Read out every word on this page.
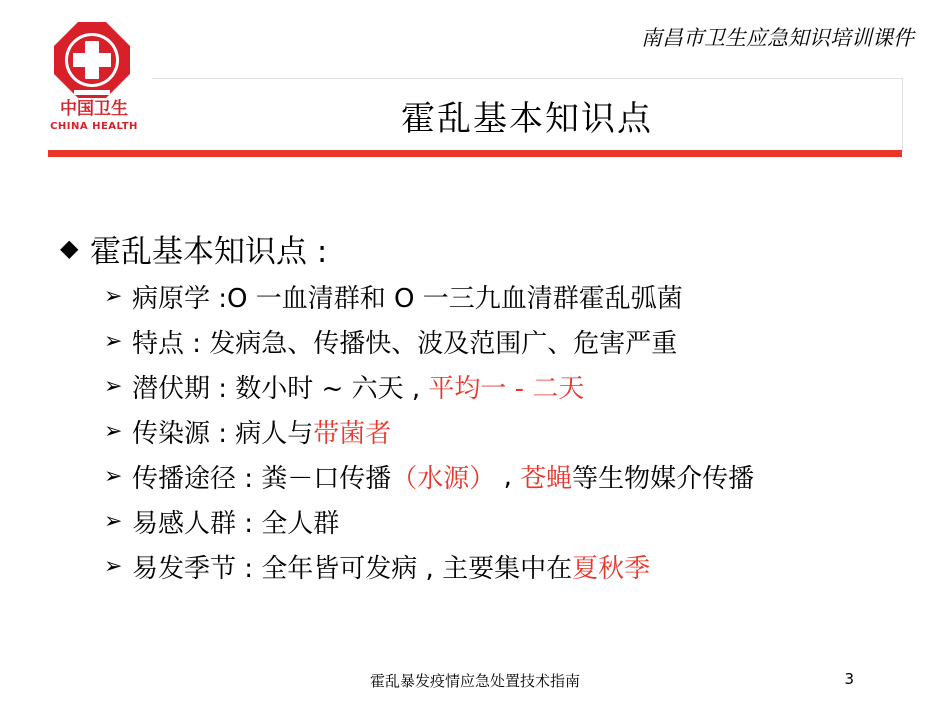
南昌市卫生应急知识培训课件
中国卫生
CHINA HEALTH	霍乱基本知识点
◆ 霍乱基本知识点 :
➢ 病原学 :O 一血清群和 O 一三九血清群霍乱弧菌
➢ 特点 : 发病急、传播快、波及范围广、危害严重
➢ 潜伏期 : 数小时 ~ 六天 , 平均一 - 二天
➢ 传染源 : 病人与 带菌者
➢ 传播途径 : 粪－口传播 （水源） , 苍蝇 等生物媒介传播
➢ 易感人群 : 全人群
➢ 易发季节 : 全年皆可发病 , 主要集中在 夏秋季
霍乱暴发疫情应急处置技术指南	3
